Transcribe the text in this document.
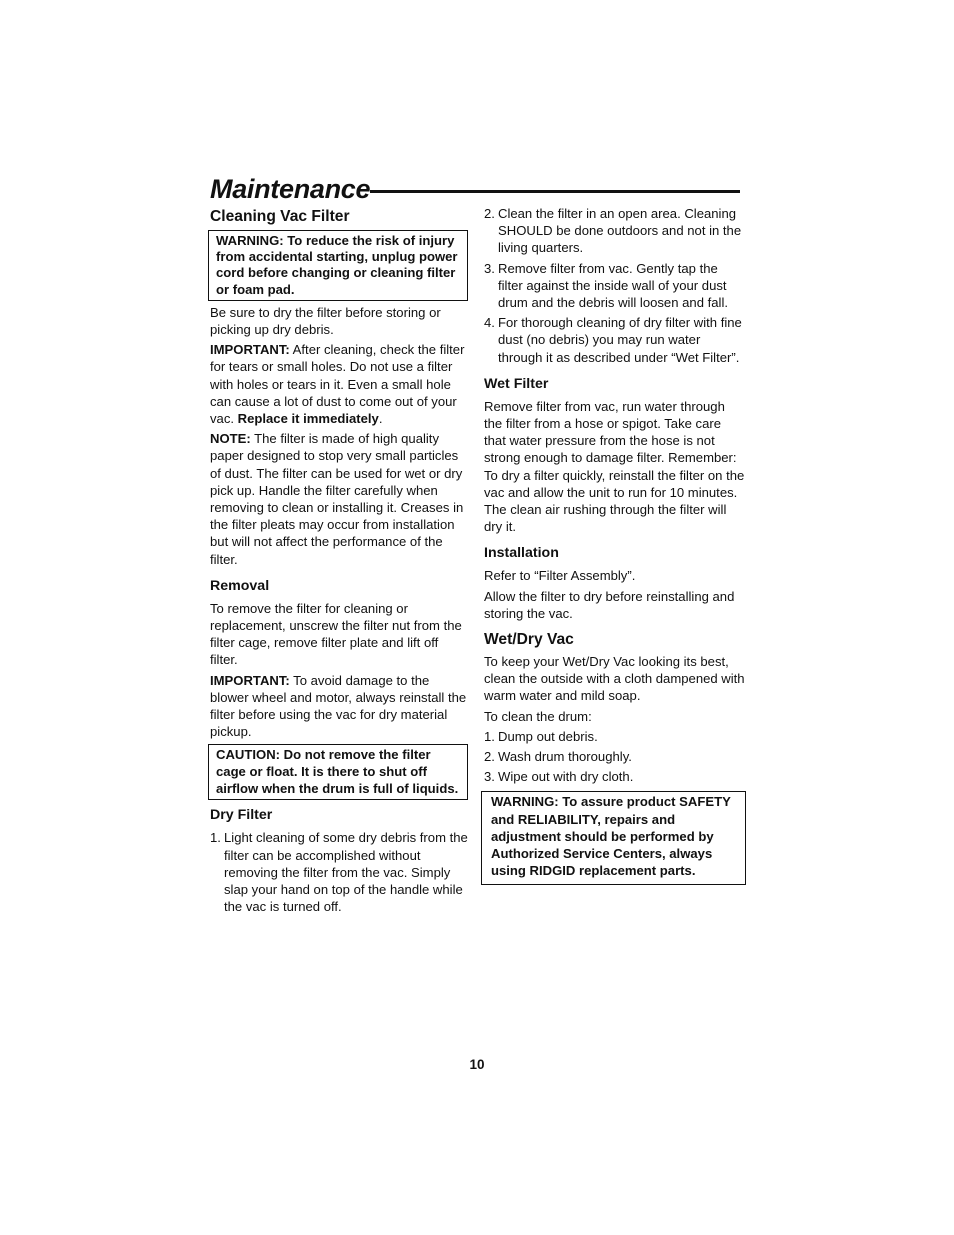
Maintenance
Cleaning Vac Filter
WARNING: To reduce the risk of injury from accidental starting, unplug power cord before changing or cleaning filter or foam pad.

Be sure to dry the filter before storing or picking up dry debris.

IMPORTANT: After cleaning, check the filter for tears or small holes. Do not use a filter with holes or tears in it. Even a small hole can cause a lot of dust to come out of your vac. Replace it immediately.

NOTE: The filter is made of high quality paper designed to stop very small particles of dust. The filter can be used for wet or dry pick up. Handle the filter carefully when removing to clean or installing it. Creases in the filter pleats may occur from installation but will not affect the performance of the filter.

Removal

To remove the filter for cleaning or replacement, unscrew the filter nut from the filter cage, remove filter plate and lift off filter.

IMPORTANT: To avoid damage to the blower wheel and motor, always reinstall the filter before using the vac for dry material pickup.

CAUTION: Do not remove the filter cage or float. It is there to shut off airflow when the drum is full of liquids.
Dry Filter
1. Light cleaning of some dry debris from the filter can be accomplished without removing the filter from the vac. Simply slap your hand on top of the handle while the vac is turned off.
2. Clean the filter in an open area. Cleaning SHOULD be done outdoors and not in the living quarters.
3. Remove filter from vac. Gently tap the filter against the inside wall of your dust drum and the debris will loosen and fall.
4. For thorough cleaning of dry filter with fine dust (no debris) you may run water through it as described under “Wet Filter”.
Wet Filter

Remove filter from vac, run water through the filter from a hose or spigot. Take care that water pressure from the hose is not strong enough to damage filter. Remember: To dry a filter quickly, reinstall the filter on the vac and allow the unit to run for 10 minutes. The clean air rushing through the filter will dry it.

Installation

Refer to “Filter Assembly”.

Allow the filter to dry before reinstalling and storing the vac.

Wet/Dry Vac

To keep your Wet/Dry Vac looking its best, clean the outside with a cloth dampened with warm water and mild soap.

To clean the drum:

1. Dump out debris.
2. Wash drum thoroughly.
3. Wipe out with dry cloth.
WARNING: To assure product SAFETY and RELIABILITY, repairs and adjustment should be performed by Authorized Service Centers, always using RIDGID replacement parts.
10
